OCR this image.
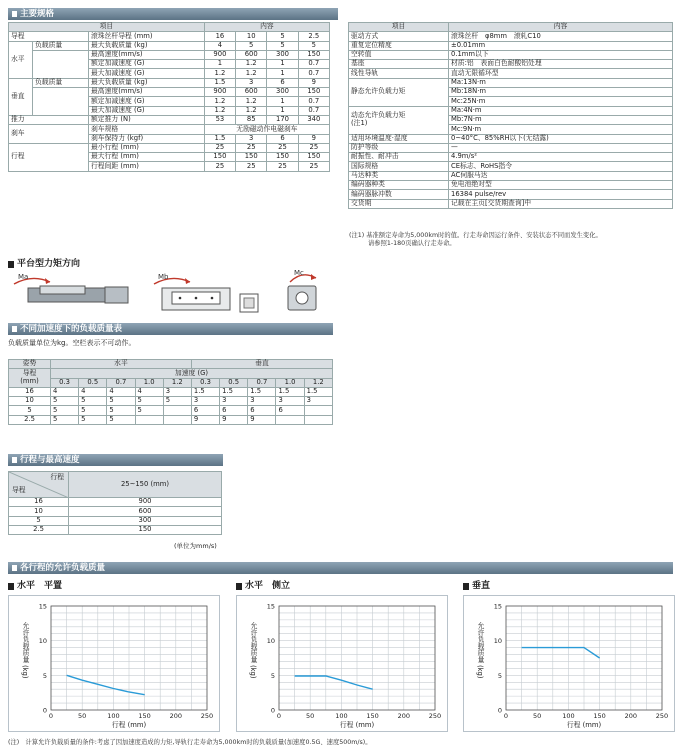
主要规格
项目			内容			
导程		滚珠丝杆导程 (mm)	16	10	5	2.5
水平	负载质量	最大负载质量 (kg)	4	5	5	5
		最高速度(mm/s)	900	600	300	150
		额定加减速度 (G)	1	1.2	1	0.7
		最大加减速度 (G)	1.2	1.2	1	0.7
垂直	负载质量	最大负载质量 (kg)	1.5	3	6	9
		最高速度(mm/s)	900	600	300	150
		额定加减速度 (G)	1.2	1.2	1	0.7
		最大加减速度 (G)	1.2	1.2	1	0.7
推力		额定推力 (N)	53	85	170	340
刹车		刹车规格	无励磁动作电磁刹车			
		刹车保持力 (kgf)	1.5	3	6	9
行程		最小行程 (mm)	25	25	25	25
		最大行程 (mm)	150	150	150	150
		行程间距 (mm)	25	25	25	25
项目	内容
驱动方式	滚珠丝杆　φ8mm　滚轧C10
重复定位精度	±0.01mm
空转值	0.1mm以下
基座	材质:铝　表面白色耐酸铝处理
线性导轨	直动无限循环型
静态允许负载力矩	Ma:13N·m
	Mb:18N·m
	Mc:25N·m

动态允许负载力矩
(注1)	Ma:4N·m
	Mb:7N·m
	Mc:9N·m
适用环境温度·湿度	0~40°C、85%RH以下(无结露)
防护等级	—
耐振性、耐冲击	4.9m/s²
国际规格	CE标志、RoHS指令
马达种类	AC伺服马达
编码器种类	免电池绝对型
编码器脉冲数	16384 pulse/rev
交货期	记载在主页[交货期查询]中
(注1) 基准额定寿命为5,000km时的值。行走寿命因运行条件、安装状态不同而发生变化。
请参照1-180页确认行走寿命。
平台型力矩方向
Ma	Mb	Mc
不同加速度下的负载质量表
负载质量单位为kg。空栏表示不可动作。
姿势	水平					垂直				

导程
(mm)	加速度 (G)									
	0.3	0.5	0.7	1.0	1.2	0.3	0.5	0.7	1.0	1.2
16	4	4	4	4	3	1.5	1.5	1.5	1.5	1.5
10	5	5	5	5	5	3	3	3	3	3
5	5	5	5	5		6	6	6	6	
2.5	5	5	5			9	9	9		
行程与最高速度
行程
导程	25~150 (mm)
16	900
10	600
5	300
2.5	150
(单位为mm/s)
各行程的允许负载质量
水平　平置	水平　侧立	垂直
0	50	100	150	200	250
0
5
10
15
行程 (mm)
允许负载质量 (kg)
0	50	100	150	200	250
0
5
10
15
行程 (mm)
允许负载质量 (kg)
0	50	100	150	200	250
0
5
10
15
行程 (mm)
允许负载质量 (kg)
(注)　计算允许负载质量的条件:考虑了因加速度造成的力矩,导轨行走寿命为5,000km时的负载质量(加速度0.5G、速度500m/s)。
